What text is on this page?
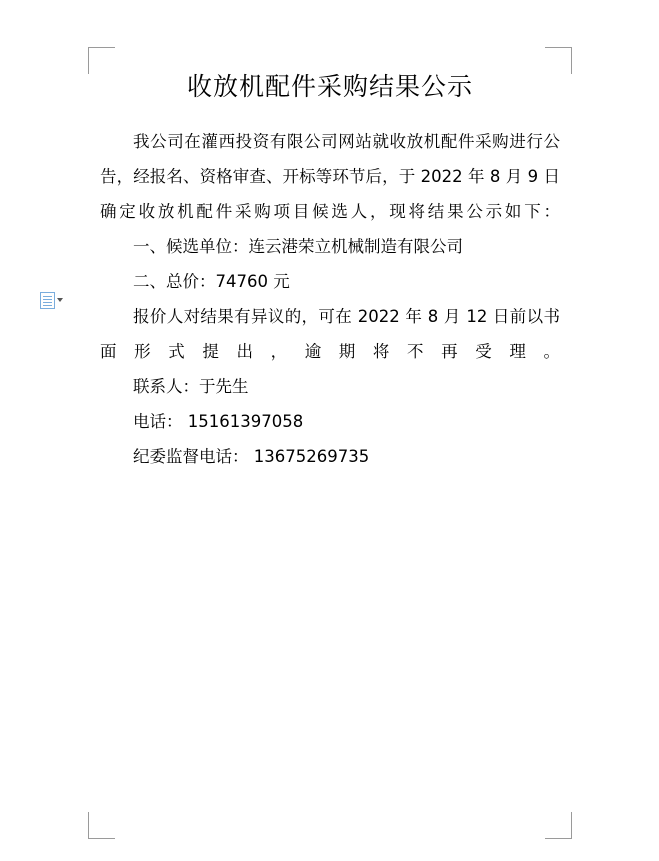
收放机配件采购结果公示

我公司在灌西投资有限公司网站就收放机配件采购进行公告，经报名、资格审查、开标等环节后，于 2022 年 8 月 9 日确定收放机配件采购项目候选人，现将结果公示如下：

一、候选单位：连云港荣立机械制造有限公司

二、总价：74760 元

报价人对结果有异议的，可在 2022 年 8 月 12 日前以书面形式提出，逾期将不再受理。

联系人：于先生

电话： 15161397058

纪委监督电话： 13675269735
